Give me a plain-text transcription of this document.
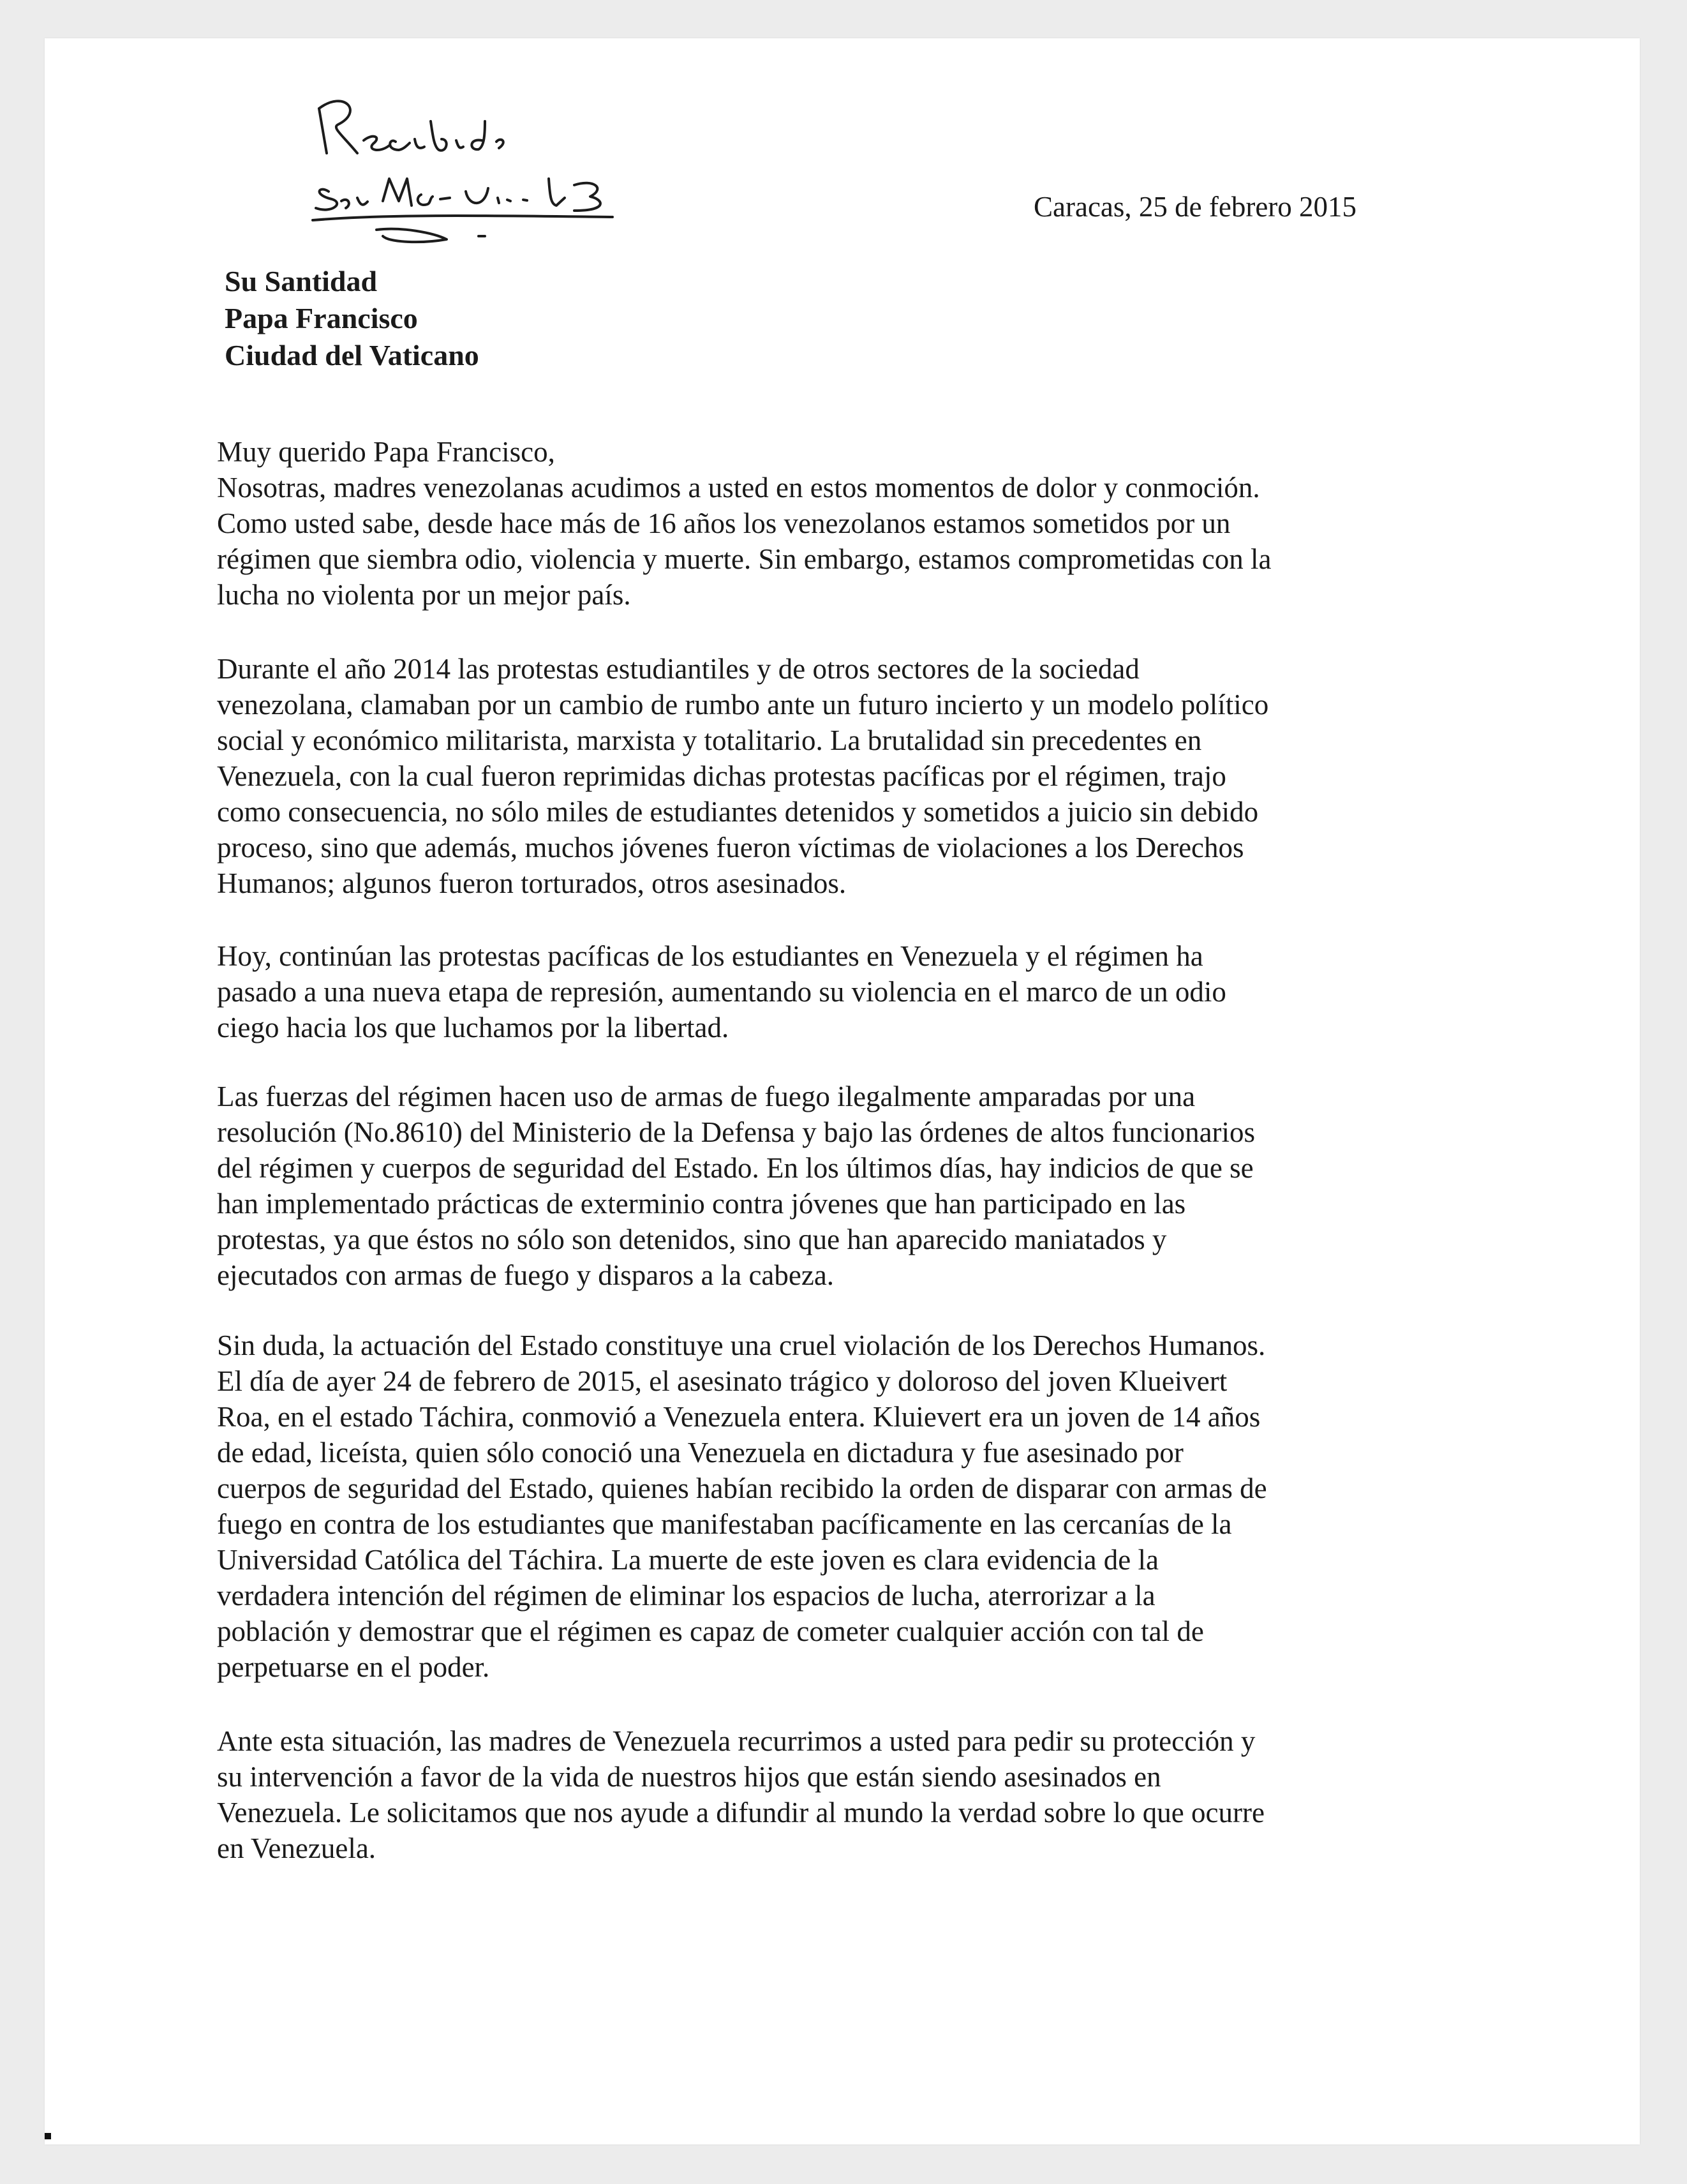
Caracas, 25 de febrero 2015
Su Santidad
Papa Francisco
Ciudad del Vaticano
Muy querido Papa Francisco,
Nosotras, madres venezolanas acudimos a usted en estos momentos de dolor y conmoción.
Como usted sabe, desde hace más de 16 años los venezolanos estamos sometidos por un
régimen que siembra odio, violencia y muerte. Sin embargo, estamos comprometidas con la
lucha no violenta por un mejor país.
Durante el año 2014 las protestas estudiantiles y de otros sectores de la sociedad
venezolana, clamaban por un cambio de rumbo ante un futuro incierto y un modelo político
social y económico militarista, marxista y totalitario. La brutalidad sin precedentes en
Venezuela, con la cual fueron reprimidas dichas protestas pacíficas por el régimen, trajo
como consecuencia, no sólo miles de estudiantes detenidos y sometidos a juicio sin debido
proceso, sino que además, muchos jóvenes fueron víctimas de violaciones a los Derechos
Humanos; algunos fueron torturados, otros asesinados.
Hoy, continúan las protestas pacíficas de los estudiantes en Venezuela y el régimen ha
pasado a una nueva etapa de represión, aumentando su violencia en el marco de un odio
ciego hacia los que luchamos por la libertad.
Las fuerzas del régimen hacen uso de armas de fuego ilegalmente amparadas por una
resolución (No.8610) del Ministerio de la Defensa y bajo las órdenes de altos funcionarios
del régimen y cuerpos de seguridad del Estado. En los últimos días, hay indicios de que se
han implementado prácticas de exterminio contra jóvenes que han participado en las
protestas, ya que éstos no sólo son detenidos, sino que han aparecido maniatados y
ejecutados con armas de fuego y disparos a la cabeza.
Sin duda, la actuación del Estado constituye una cruel violación de los Derechos Humanos.
El día de ayer 24 de febrero de 2015, el asesinato trágico y doloroso del joven Klueivert
Roa, en el estado Táchira, conmovió a Venezuela entera. Kluievert era un joven de 14 años
de edad, liceísta, quien sólo conoció una Venezuela en dictadura y fue asesinado por
cuerpos de seguridad del Estado, quienes habían recibido la orden de disparar con armas de
fuego en contra de los estudiantes que manifestaban pacíficamente en las cercanías de la
Universidad Católica del Táchira. La muerte de este joven es clara evidencia de la
verdadera intención del régimen de eliminar los espacios de lucha, aterrorizar a la
población y demostrar que el régimen es capaz de cometer cualquier acción con tal de
perpetuarse en el poder.
Ante esta situación, las madres de Venezuela recurrimos a usted para pedir su protección y
su intervención a favor de la vida de nuestros hijos que están siendo asesinados en
Venezuela. Le solicitamos que nos ayude a difundir al mundo la verdad sobre lo que ocurre
en Venezuela.
